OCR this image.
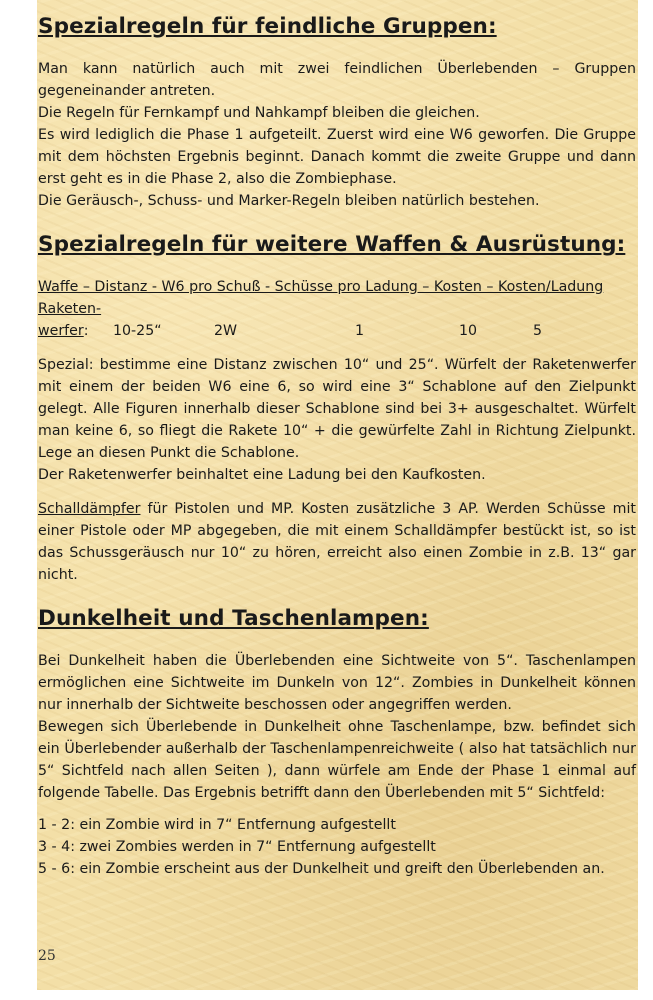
Spezialregeln für feindliche Gruppen:

Man kann natürlich auch mit zwei feindlichen Überlebenden – Gruppen gegeneinander antreten.

Die Regeln für Fernkampf und Nahkampf bleiben die gleichen.

Es wird lediglich die Phase 1 aufgeteilt. Zuerst wird eine W6 geworfen. Die Gruppe mit dem höchsten Ergebnis beginnt. Danach kommt die zweite Gruppe und dann erst geht es in die Phase 2, also die Zombiephase.

Die Geräusch-, Schuss- und Marker-Regeln bleiben natürlich bestehen.

Spezialregeln für weitere Waffen & Ausrüstung:
Waffe – Distanz - W6 pro Schuß - Schüsse pro Ladung – Kosten – Kosten/Ladung
Raketen-
werfer:	10-25“	2W	1	10	5

Spezial: bestimme eine Distanz zwischen 10“ und 25“. Würfelt der Raketenwerfer mit einem der beiden W6 eine 6, so wird eine 3“ Schablone auf den Zielpunkt gelegt. Alle Figuren innerhalb dieser Schablone sind bei 3+ ausgeschaltet. Würfelt man keine 6, so fliegt die Rakete 10“ + die gewürfelte Zahl in Richtung Zielpunkt. Lege an diesen Punkt die Schablone.

Der Raketenwerfer beinhaltet eine Ladung bei den Kaufkosten.

Schalldämpfer für Pistolen und MP. Kosten zusätzliche 3 AP. Werden Schüsse mit einer Pistole oder MP abgegeben, die mit einem Schalldämpfer bestückt ist, so ist das Schussgeräusch nur 10“ zu hören, erreicht also einen Zombie in z.B. 13“ gar nicht.

Dunkelheit und Taschenlampen:

Bei Dunkelheit haben die Überlebenden eine Sichtweite von 5“. Taschenlampen ermöglichen eine Sichtweite im Dunkeln von 12“. Zombies in Dunkelheit können nur innerhalb der Sichtweite beschossen oder angegriffen werden.

Bewegen sich Überlebende in Dunkelheit ohne Taschenlampe, bzw. befindet sich ein Überlebender außerhalb der Taschenlampenreichweite ( also hat tatsächlich nur 5“ Sichtfeld nach allen Seiten ), dann würfele am Ende der Phase 1 einmal auf folgende Tabelle. Das Ergebnis betrifft dann den Überlebenden mit 5“ Sichtfeld:

1 - 2: ein Zombie wird in 7“ Entfernung aufgestellt
3 - 4: zwei Zombies werden in 7“ Entfernung aufgestellt
5 - 6: ein Zombie erscheint aus der Dunkelheit und greift den Überlebenden an.
25
